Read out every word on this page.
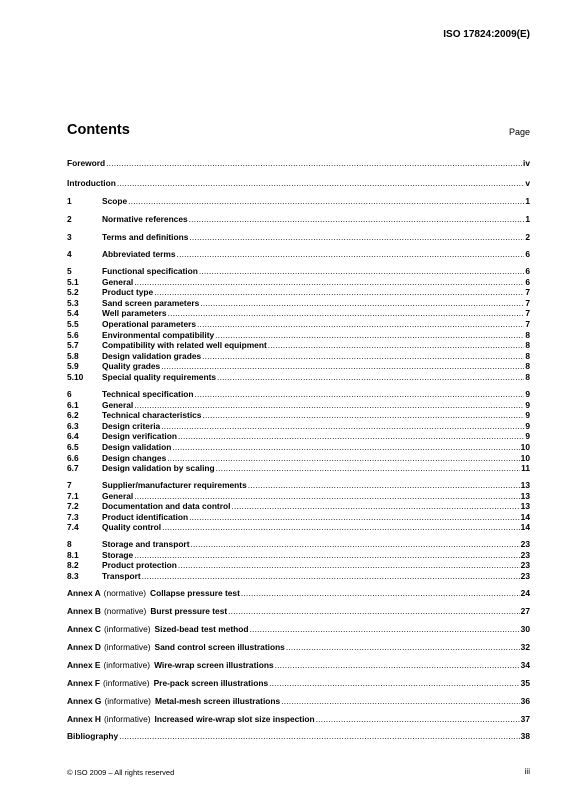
ISO 17824:2009(E)
Contents	Page
Foreword .....	iv
Introduction .....	v
1	Scope .....	1
2	Normative references .....	1
3	Terms and definitions .....	2
4	Abbreviated terms .....	6
5	Functional specification .....	6
5.1	General .....	6
5.2	Product type .....	7
5.3	Sand screen parameters .....	7
5.4	Well parameters .....	7
5.5	Operational parameters .....	7
5.6	Environmental compatibility .....	8
5.7	Compatibility with related well equipment .....	8
5.8	Design validation grades .....	8
5.9	Quality grades .....	8
5.10	Special quality requirements .....	8
6	Technical specification .....	9
6.1	General .....	9
6.2	Technical characteristics .....	9
6.3	Design criteria .....	9
6.4	Design verification .....	9
6.5	Design validation .....	10
6.6	Design changes .....	10
6.7	Design validation by scaling .....	11
7	Supplier/manufacturer requirements .....	13
7.1	General .....	13
7.2	Documentation and data control .....	13
7.3	Product identification .....	14
7.4	Quality control .....	14
8	Storage and transport .....	23
8.1	Storage .....	23
8.2	Product protection .....	23
8.3	Transport .....	23
Annex A (normative) Collapse pressure test .....	24
Annex B (normative) Burst pressure test .....	27
Annex C (informative) Sized-bead test method .....	30
Annex D (informative) Sand control screen illustrations .....	32
Annex E (informative) Wire-wrap screen illustrations .....	34
Annex F (informative) Pre-pack screen illustrations .....	35
Annex G (informative) Metal-mesh screen illustrations .....	36
Annex H (informative) Increased wire-wrap slot size inspection .....	37
Bibliography .....	38
© ISO 2009 – All rights reserved	iii
